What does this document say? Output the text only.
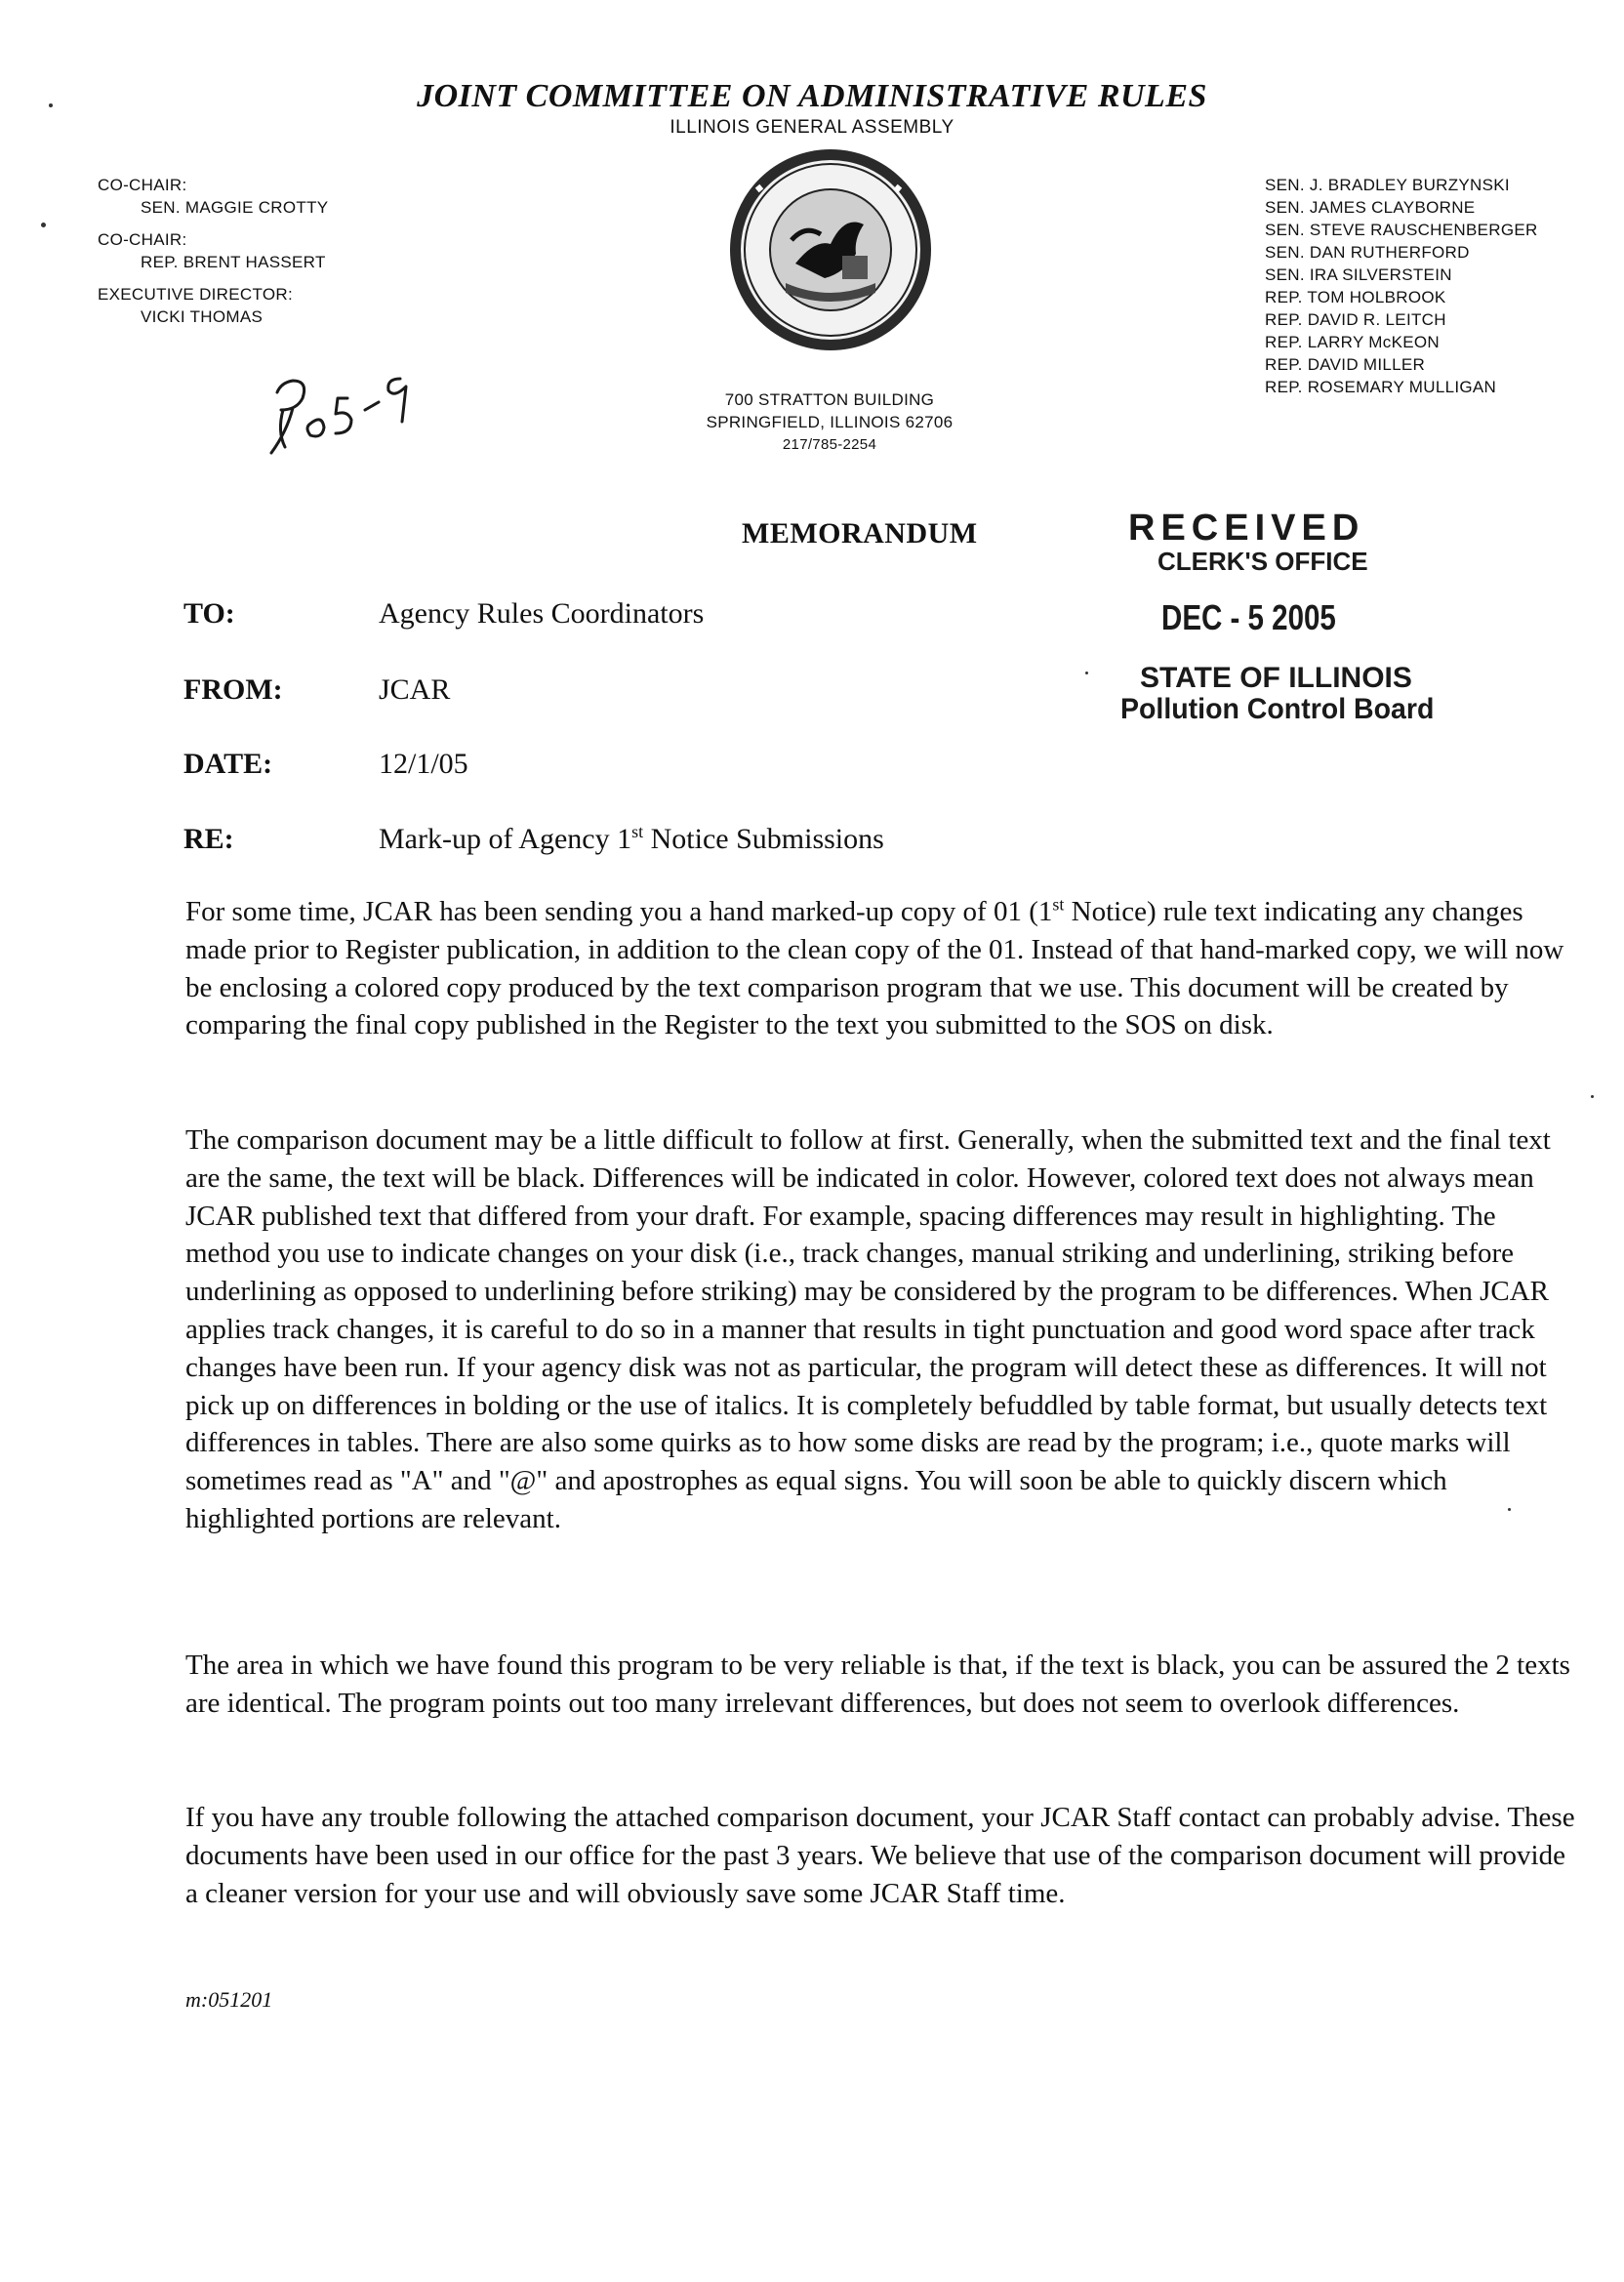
JOINT COMMITTEE ON ADMINISTRATIVE RULES
ILLINOIS GENERAL ASSEMBLY
CO-CHAIR:
SEN. MAGGIE CROTTY
CO-CHAIR:
REP. BRENT HASSERT
EXECUTIVE DIRECTOR:
VICKI THOMAS
700 STRATTON BUILDING
SPRINGFIELD, ILLINOIS 62706
217/785-2254
SEN. J. BRADLEY BURZYNSKI
SEN. JAMES CLAYBORNE
SEN. STEVE RAUSCHENBERGER
SEN. DAN RUTHERFORD
SEN. IRA SILVERSTEIN
REP. TOM HOLBROOK
REP. DAVID R. LEITCH
REP. LARRY McKEON
REP. DAVID MILLER
REP. ROSEMARY MULLIGAN
MEMORANDUM	RECEIVED
CLERK'S OFFICE
DEC - 5 2005
STATE OF ILLINOIS
Pollution Control Board
TO:	Agency Rules Coordinators
FROM:	JCAR
DATE:	12/1/05
RE:	Mark-up of Agency 1st Notice Submissions
For some time, JCAR has been sending you a hand marked-up copy of 01 (1st Notice) rule text indicating any changes made prior to Register publication, in addition to the clean copy of the 01. Instead of that hand-marked copy, we will now be enclosing a colored copy produced by the text comparison program that we use. This document will be created by comparing the final copy published in the Register to the text you submitted to the SOS on disk.
The comparison document may be a little difficult to follow at first. Generally, when the submitted text and the final text are the same, the text will be black. Differences will be indicated in color. However, colored text does not always mean JCAR published text that differed from your draft. For example, spacing differences may result in highlighting. The method you use to indicate changes on your disk (i.e., track changes, manual striking and underlining, striking before underlining as opposed to underlining before striking) may be considered by the program to be differences. When JCAR applies track changes, it is careful to do so in a manner that results in tight punctuation and good word space after track changes have been run. If your agency disk was not as particular, the program will detect these as differences. It will not pick up on differences in bolding or the use of italics. It is completely befuddled by table format, but usually detects text differences in tables. There are also some quirks as to how some disks are read by the program; i.e., quote marks will sometimes read as "A" and "@" and apostrophes as equal signs. You will soon be able to quickly discern which highlighted portions are relevant.
The area in which we have found this program to be very reliable is that, if the text is black, you can be assured the 2 texts are identical. The program points out too many irrelevant differences, but does not seem to overlook differences.
If you have any trouble following the attached comparison document, your JCAR Staff contact can probably advise. These documents have been used in our office for the past 3 years. We believe that use of the comparison document will provide a cleaner version for your use and will obviously save some JCAR Staff time.
m:051201
